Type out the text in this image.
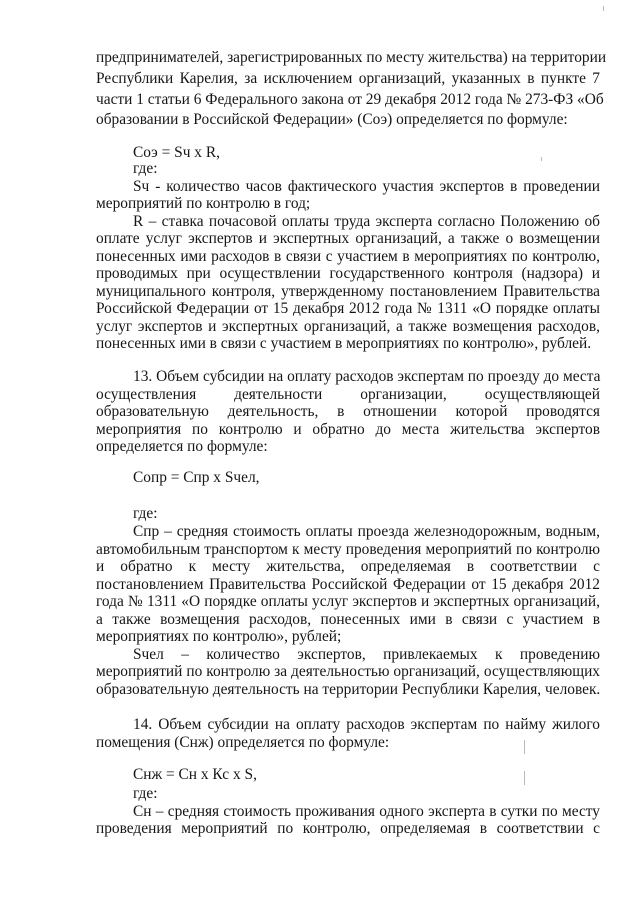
предпринимателей, зарегистрированных по месту жительства) на территории
Республики Карелия, за исключением организаций, указанных в пункте 7
части 1 статьи 6 Федерального закона от 29 декабря 2012 года № 273-ФЗ «Об
образовании в Российской Федерации» (Соэ) определяется по формуле:
Соэ = Sч x R,
где:
Sч - количество часов фактического участия экспертов в проведении
мероприятий по контролю в год;
R – ставка почасовой оплаты труда эксперта согласно Положению об
оплате услуг экспертов и экспертных организаций, а также о возмещении
понесенных ими расходов в связи с участием в мероприятиях по контролю,
проводимых при осуществлении государственного контроля (надзора) и
муниципального контроля, утвержденному постановлением Правительства
Российской Федерации от 15 декабря 2012 года № 1311 «О порядке оплаты
услуг экспертов и экспертных организаций, а также возмещения расходов,
понесенных ими в связи с участием в мероприятиях по контролю», рублей.
13. Объем субсидии на оплату расходов экспертам по проезду до места
осуществления деятельности организации, осуществляющей
образовательную деятельность, в отношении которой проводятся
мероприятия по контролю и обратно до места жительства экспертов
определяется по формуле:
Сопр = Спр x Sчел,
где:
Спр – средняя стоимость оплаты проезда железнодорожным, водным,
автомобильным транспортом к месту проведения мероприятий по контролю
и обратно к месту жительства, определяемая в соответствии с
постановлением Правительства Российской Федерации от 15 декабря 2012
года № 1311 «О порядке оплаты услуг экспертов и экспертных организаций,
а также возмещения расходов, понесенных ими в связи с участием в
мероприятиях по контролю», рублей;
Sчел – количество экспертов, привлекаемых к проведению
мероприятий по контролю за деятельностью организаций, осуществляющих
образовательную деятельность на территории Республики Карелия, человек.
14. Объем субсидии на оплату расходов экспертам по найму жилого
помещения (Снж) определяется по формуле:
Снж = Сн x Кс x S,
где:
Сн – средняя стоимость проживания одного эксперта в сутки по месту
проведения мероприятий по контролю, определяемая в соответствии с
